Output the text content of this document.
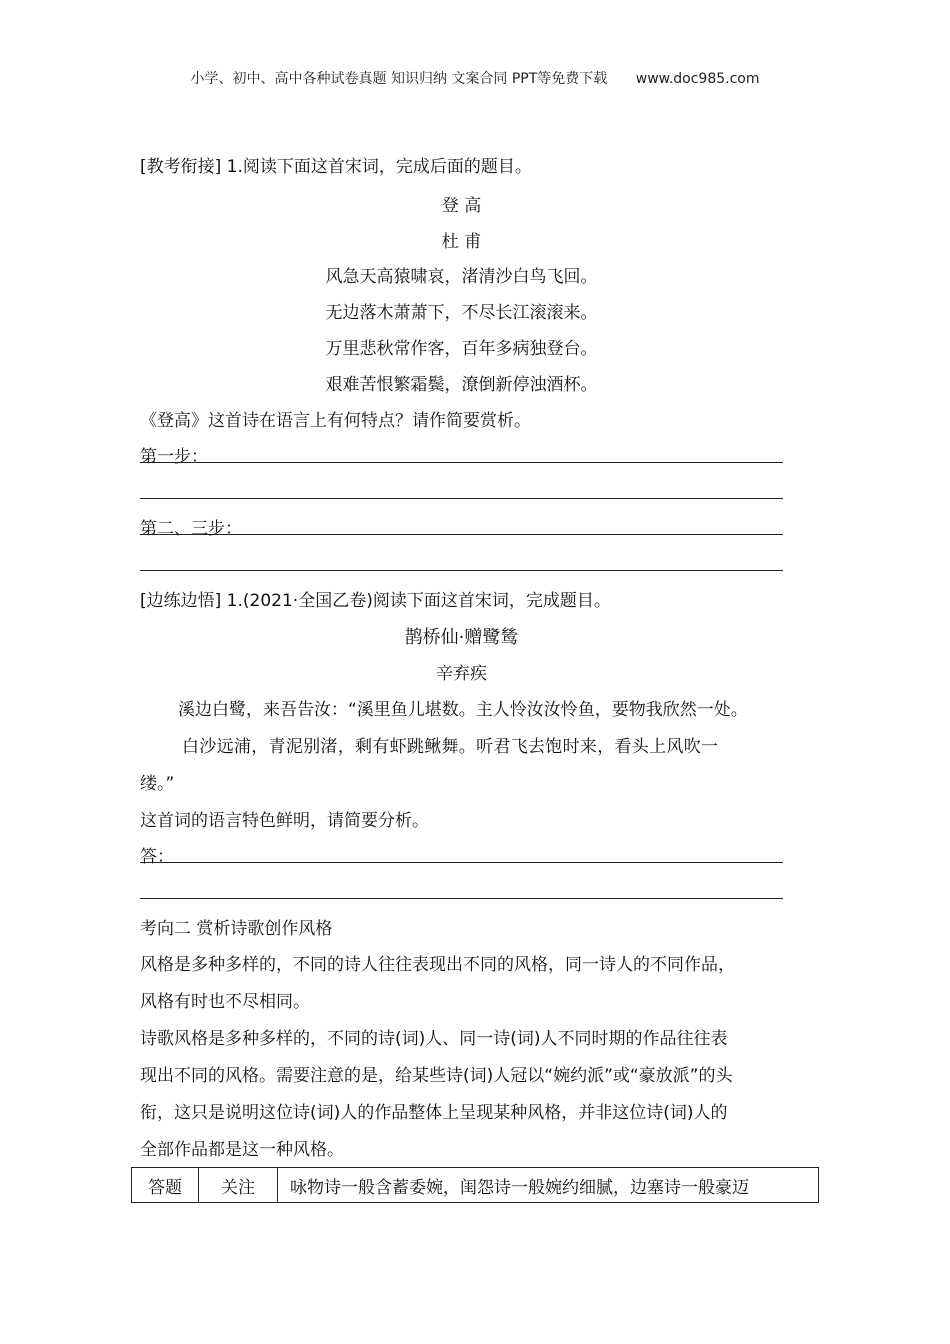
小学、初中、高中各种试卷真题 知识归纳 文案合同 PPT等免费下载 www.doc985.com
[教考衔接] 1.阅读下面这首宋词，完成后面的题目。
登 高
杜 甫
风急天高猿啸哀，渚清沙白鸟飞回。
无边落木萧萧下，不尽长江滚滚来。
万里悲秋常作客，百年多病独登台。
艰难苦恨繁霜鬓，潦倒新停浊酒杯。
《登高》这首诗在语言上有何特点？请作简要赏析。
第一步：
第二、三步：
[边练边悟] 1.(2021·全国乙卷)阅读下面这首宋词，完成题目。
鹊桥仙·赠鹭鸶
辛弃疾
溪边白鹭，来吾告汝：“溪里鱼儿堪数。主人怜汝汝怜鱼，要物我欣然一处。
白沙远浦，青泥别渚，剩有虾跳鳅舞。听君飞去饱时来，看头上风吹一
缕。”
这首词的语言特色鲜明，请简要分析。
答：
考向二 赏析诗歌创作风格
风格是多种多样的，不同的诗人往往表现出不同的风格，同一诗人的不同作品，
风格有时也不尽相同。
诗歌风格是多种多样的，不同的诗(词)人、同一诗(词)人不同时期的作品往往表
现出不同的风格。需要注意的是，给某些诗(词)人冠以“婉约派”或“豪放派”的头
衔，这只是说明这位诗(词)人的作品整体上呈现某种风格，并非这位诗(词)人的
全部作品都是这一种风格。
答题	关注	咏物诗一般含蓄委婉，闺怨诗一般婉约细腻，边塞诗一般豪迈
